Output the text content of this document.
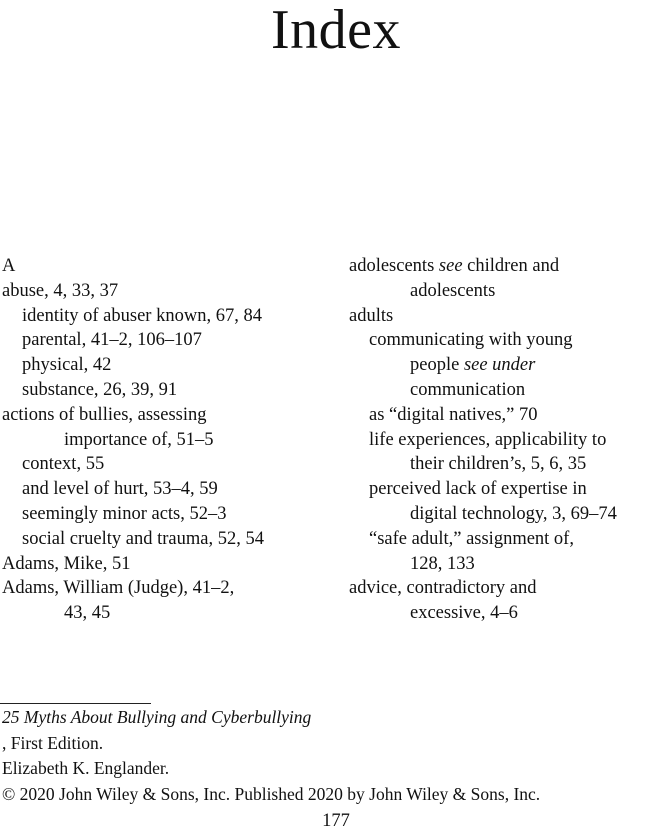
Index
A
abuse, 4, 33, 37
identity of abuser known, 67, 84
parental, 41–2, 106–107
physical, 42
substance, 26, 39, 91
actions of bullies, assessing
importance of, 51–5
context, 55
and level of hurt, 53–4, 59
seemingly minor acts, 52–3
social cruelty and trauma, 52, 54
Adams, Mike, 51
Adams, William (Judge), 41–2,
43, 45
adolescents see children and
adolescents
adults
communicating with young
people see under
communication
as “digital natives,” 70
life experiences, applicability to
their children’s, 5, 6, 35
perceived lack of expertise in
digital technology, 3, 69–74
“safe adult,” assignment of,
128, 133
advice, contradictory and
excessive, 4–6
25 Myths About Bullying and Cyberbullying
, First Edition.
Elizabeth K. Englander.
© 2020 John Wiley & Sons, Inc. Published 2020 by John Wiley & Sons, Inc.
177
